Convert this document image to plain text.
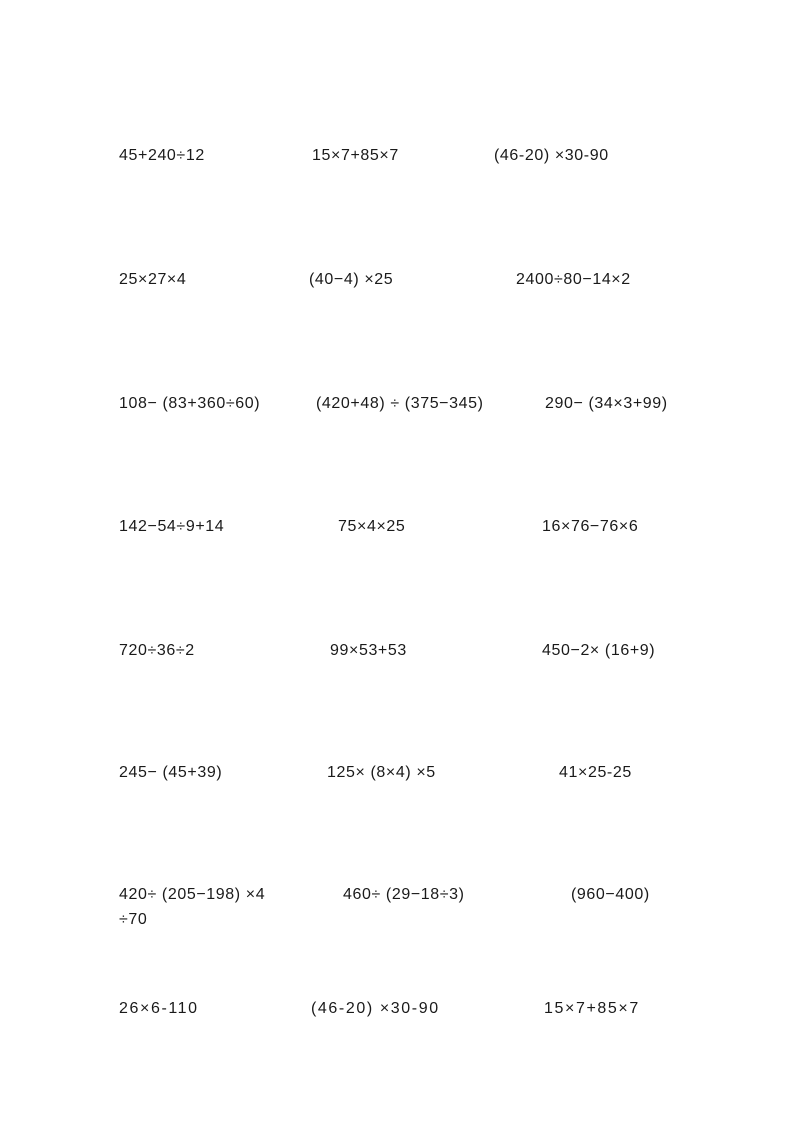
45+240÷12	15×7+85×7	(46-20) ×30-90
25×27×4	(40−4) ×25	2400÷80−14×2
108− (83+360÷60)	(420+48) ÷ (375−345)	290− (34×3+99)
142−54÷9+14	75×4×25	16×76−76×6
720÷36÷2	99×53+53	450−2× (16+9)
245− (45+39)	125× (8×4) ×5	41×25-25
420÷ (205−198) ×4	460÷ (29−18÷3)	(960−400)
÷70
26×6-110	(46-20) ×30-90	15×7+85×7
